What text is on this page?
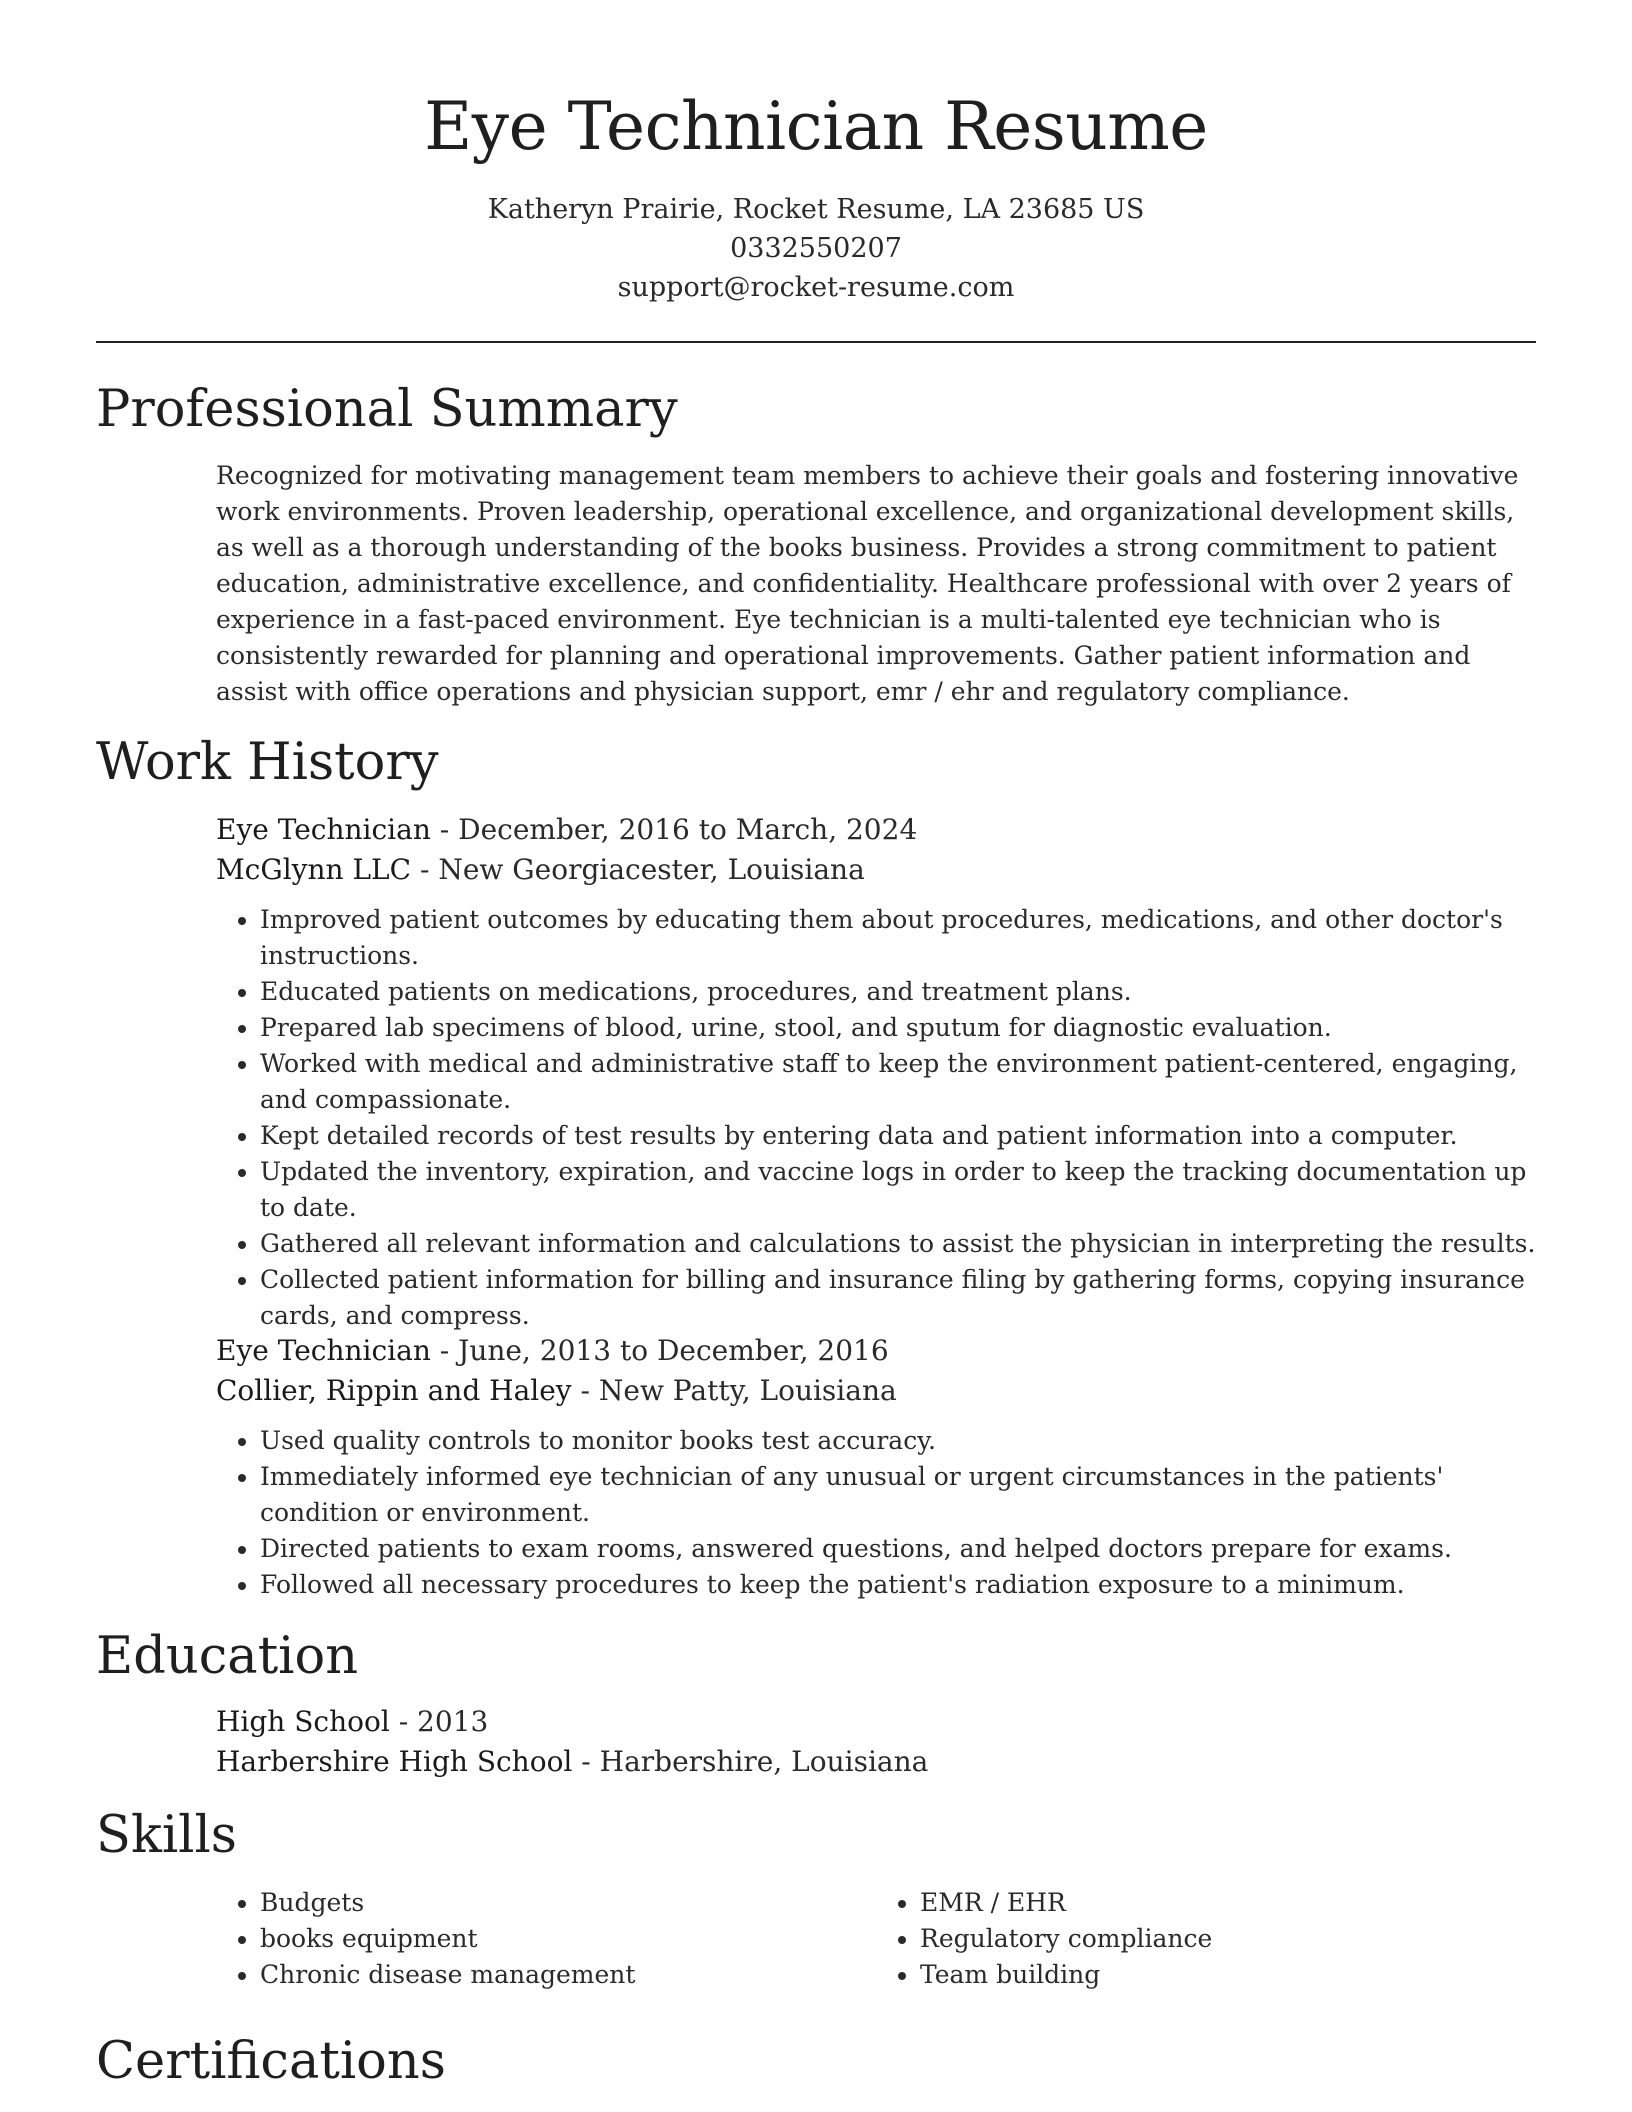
Eye Technician Resume
Katheryn Prairie, Rocket Resume, LA 23685 US
0332550207
support@rocket-resume.com
Professional Summary
Recognized for motivating management team members to achieve their goals and fostering innovative work environments. Proven leadership, operational excellence, and organizational development skills, as well as a thorough understanding of the books business. Provides a strong commitment to patient education, administrative excellence, and confidentiality. Healthcare professional with over 2 years of experience in a fast-paced environment. Eye technician is a multi-talented eye technician who is consistently rewarded for planning and operational improvements. Gather patient information and assist with office operations and physician support, emr / ehr and regulatory compliance.
Work History
Eye Technician - December, 2016 to March, 2024
McGlynn LLC - New Georgiacester, Louisiana
• Improved patient outcomes by educating them about procedures, medications, and other doctor's instructions.
• Educated patients on medications, procedures, and treatment plans.
• Prepared lab specimens of blood, urine, stool, and sputum for diagnostic evaluation.
• Worked with medical and administrative staff to keep the environment patient-centered, engaging, and compassionate.
• Kept detailed records of test results by entering data and patient information into a computer.
• Updated the inventory, expiration, and vaccine logs in order to keep the tracking documentation up to date.
• Gathered all relevant information and calculations to assist the physician in interpreting the results.
• Collected patient information for billing and insurance filing by gathering forms, copying insurance cards, and compress.
Eye Technician - June, 2013 to December, 2016
Collier, Rippin and Haley - New Patty, Louisiana
• Used quality controls to monitor books test accuracy.
• Immediately informed eye technician of any unusual or urgent circumstances in the patients' condition or environment.
• Directed patients to exam rooms, answered questions, and helped doctors prepare for exams.
• Followed all necessary procedures to keep the patient's radiation exposure to a minimum.
Education
High School - 2013
Harbershire High School - Harbershire, Louisiana
Skills
• Budgets
• books equipment
• Chronic disease management
• EMR / EHR
• Regulatory compliance
• Team building
Certifications
